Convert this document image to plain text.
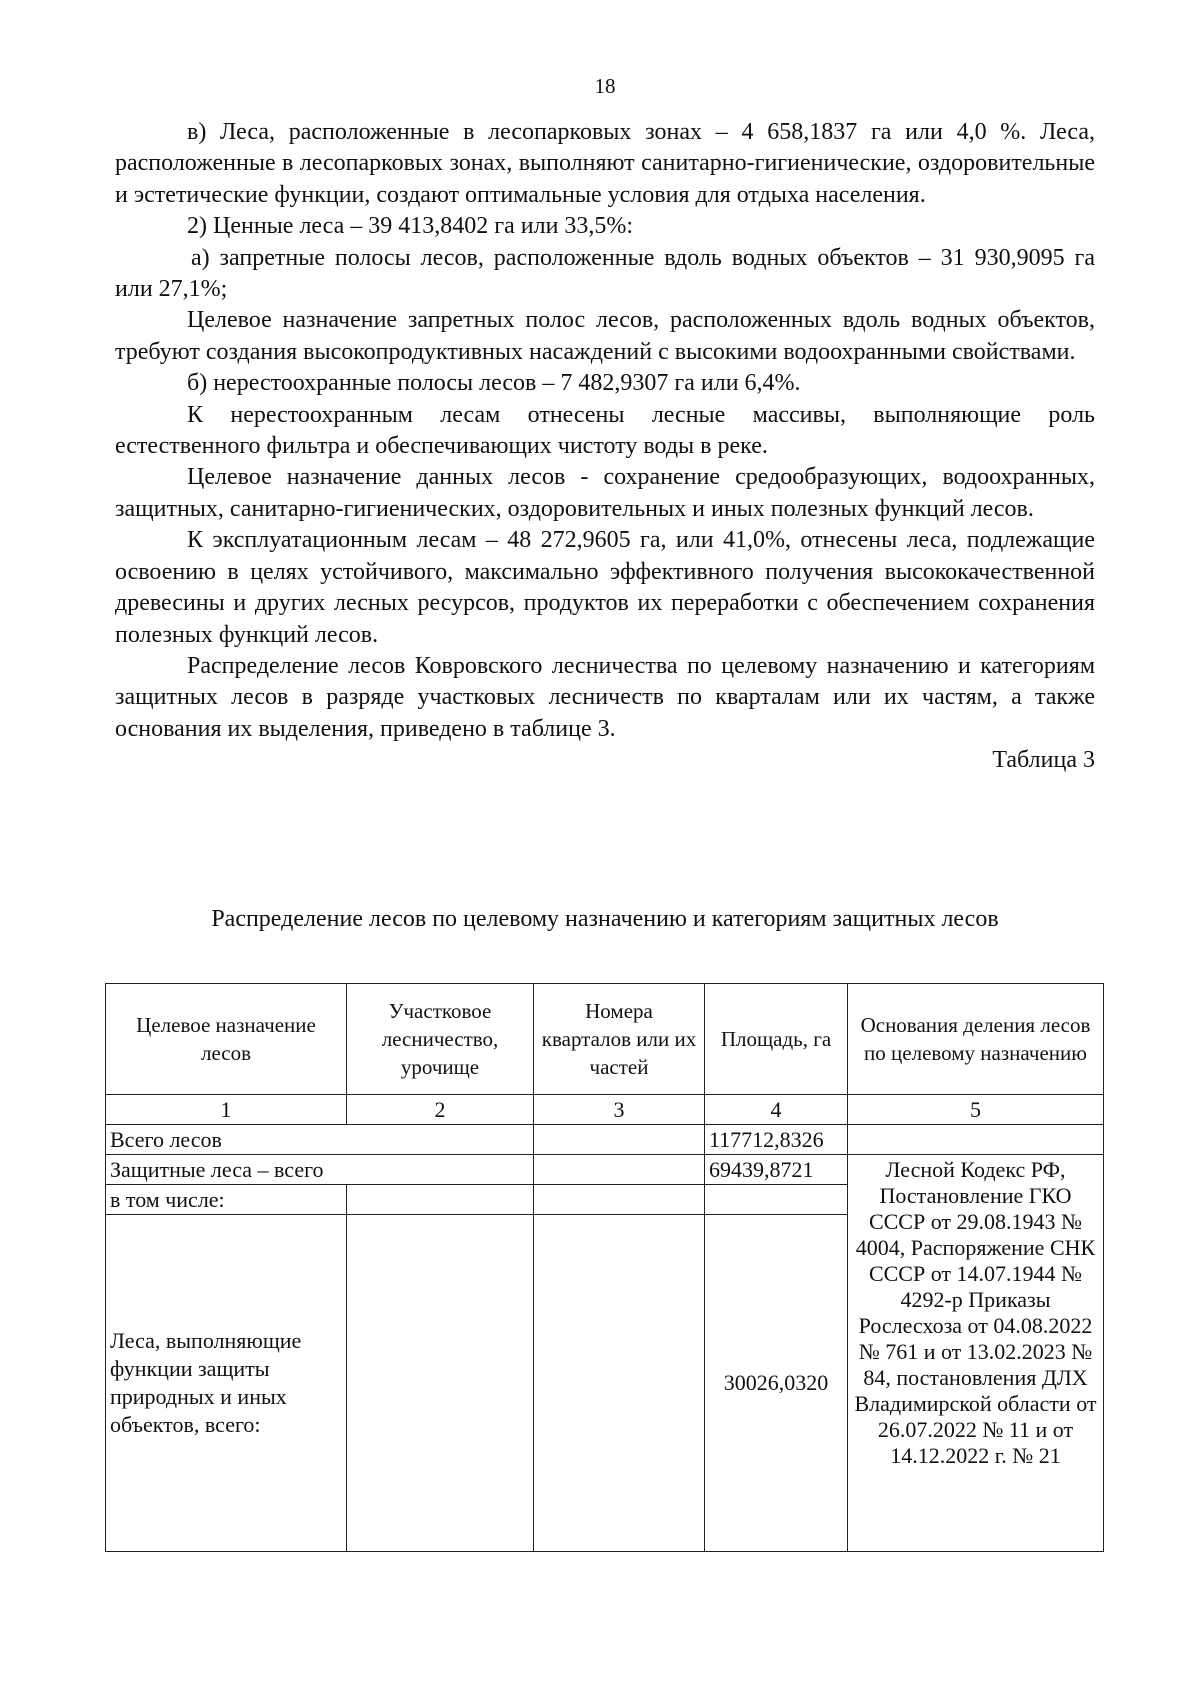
18

в) Леса, расположенные в лесопарковых зонах – 4 658,1837 га или 4,0 %. Леса, расположенные в лесопарковых зонах, выполняют санитарно-гигиенические, оздоровительные и эстетические функции, создают оптимальные условия для отдыха населения.

2) Ценные леса – 39 413,8402 га или 33,5%:

а) запретные полосы лесов, расположенные вдоль водных объектов – 31 930,9095 га или 27,1%;

Целевое назначение запретных полос лесов, расположенных вдоль водных объектов, требуют создания высокопродуктивных насаждений с высокими водоохранными свойствами.

б) нерестоохранные полосы лесов – 7 482,9307 га или 6,4%.

К нерестоохранным лесам отнесены лесные массивы, выполняющие роль естественного фильтра и обеспечивающих чистоту воды в реке.

Целевое назначение данных лесов - сохранение средообразующих, водоохранных, защитных, санитарно-гигиенических, оздоровительных и иных полезных функций лесов.

К эксплуатационным лесам – 48 272,9605 га, или 41,0%, отнесены леса, подлежащие освоению в целях устойчивого, максимально эффективного получения высококачественной древесины и других лесных ресурсов, продуктов их переработки с обеспечением сохранения полезных функций лесов.

Распределение лесов Ковровского лесничества по целевому назначению и категориям защитных лесов в разряде участковых лесничеств по кварталам или их частям, а также основания их выделения, приведено в таблице 3.

Таблица 3

Распределение лесов по целевому назначению и категориям защитных лесов
Целевое назначение лесов	Участковое лесничество, урочище	Номера кварталов или их частей	Площадь, га	Основания деления лесов по целевому назначению
1	2	3	4	5
Всего лесов			117712,8326	
Защитные леса – всего			69439,8721	Лесной Кодекс РФ, Постановление ГКО СССР от 29.08.1943 № 4004, Распоряжение СНК СССР от 14.07.1944 № 4292-р Приказы Рослесхоза от 04.08.2022 № 761 и от 13.02.2023 № 84, постановления ДЛХ Владимирской области от 26.07.2022 № 11 и от 14.12.2022 г. № 21
в том числе:				
Леса, выполняющие функции защиты природных и иных объектов, всего:			30026,0320	
